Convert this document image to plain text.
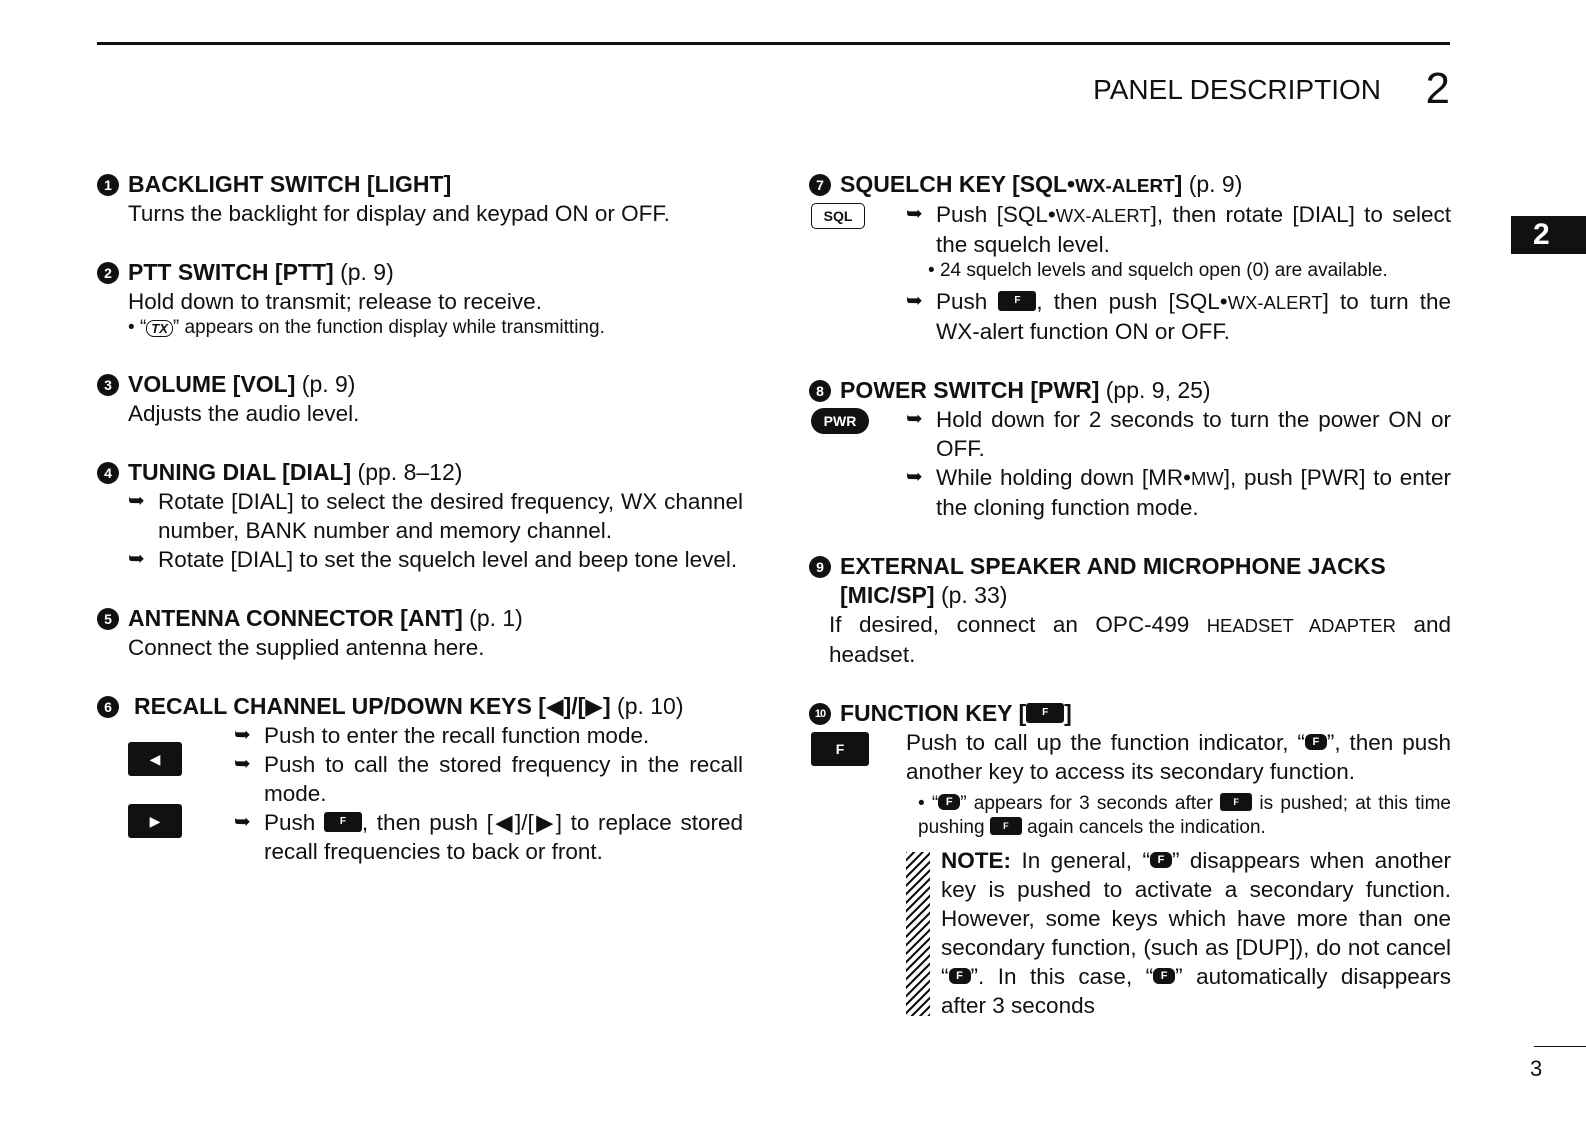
PANEL DESCRIPTION 2
2
1 BACKLIGHT SWITCH [LIGHT]
Turns the backlight for display and keypad ON or OFF.
2 PTT SWITCH [PTT] (p. 9)
Hold down to transmit; release to receive.
• “ TX ” appears on the function display while transmitting.
3 VOLUME [VOL] (p. 9)
Adjusts the audio level.
4 TUNING DIAL [DIAL] (pp. 8–12)
➥ Rotate [DIAL] to select the desired frequency, WX channel number, BANK number and memory channel.
➥ Rotate [DIAL] to set the squelch level and beep tone level.
5 ANTENNA CONNECTOR [ANT] (p. 1)
Connect the supplied antenna here.
6 RECALL CHANNEL UP/DOWN KEYS [◀]/[▶] (p. 10)
◀
▶
➥ Push to enter the recall function mode.
➥ Push to call the stored frequency in the recall mode.
➥ Push F , then push [◀]/[▶] to replace stored recall frequencies to back or front.
7 SQUELCH KEY [SQL•WX-ALERT] (p. 9)
SQL	➥ Push [SQL•WX-ALERT], then rotate [DIAL] to select the squelch level.
• 24 squelch levels and squelch open (0) are available.
➥ Push F , then push [SQL•WX-ALERT] to turn the WX-alert function ON or OFF.
8 POWER SWITCH [PWR] (pp. 9, 25)
PWR	➥ Hold down for 2 seconds to turn the power ON or OFF.
➥ While holding down [MR•MW], push [PWR] to enter the cloning function mode.
9 EXTERNAL SPEAKER AND MICROPHONE JACKS [MIC/SP] (p. 33)
If desired, connect an OPC-499 HEADSET ADAPTER and headset.
10 FUNCTION KEY [ F ]
F	Push to call up the function indicator, “ F ”, then push another key to access its secondary function.
• “ F ” appears for 3 seconds after F is pushed; at this time pushing F again cancels the indication.
NOTE: In general, “ F ” disappears when another key is pushed to activate a secondary function. However, some keys which have more than one secondary function, (such as [DUP]), do not cancel “ F ”. In this case, “ F ” automatically disappears after 3 seconds
3
